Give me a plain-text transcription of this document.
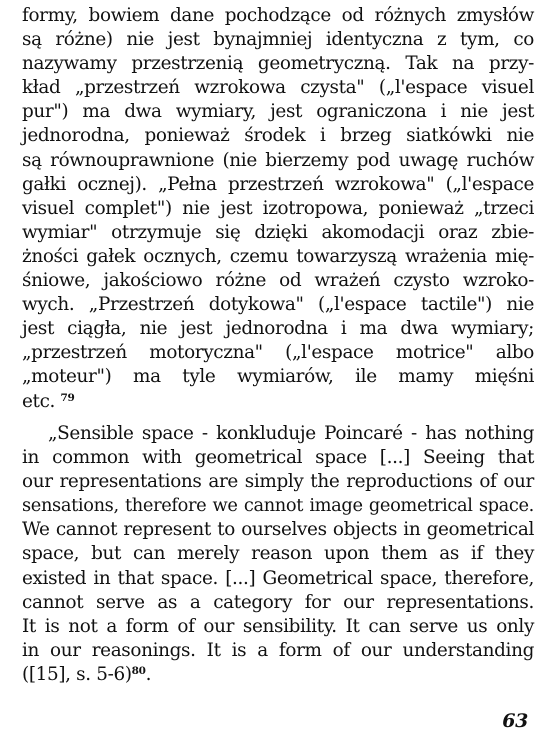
formy, bowiem dane pochodzące od różnych zmysłów
są różne) nie jest bynajmniej identyczna z tym, co
nazywamy przestrzenią geometryczną. Tak na przy-
kład „przestrzeń wzrokowa czysta" („l'espace visuel
pur") ma dwa wymiary, jest ograniczona i nie jest
jednorodna, ponieważ środek i brzeg siatkówki nie
są równouprawnione (nie bierzemy pod uwagę ruchów
gałki ocznej). „Pełna przestrzeń wzrokowa" („l'espace
visuel complet") nie jest izotropowa, ponieważ „trzeci
wymiar" otrzymuje się dzięki akomodacji oraz zbie-
żności gałek ocznych, czemu towarzyszą wrażenia mię-
śniowe, jakościowo różne od wrażeń czysto wzroko-
wych. „Przestrzeń dotykowa" („l'espace tactile") nie
jest ciągła, nie jest jednorodna i ma dwa wymiary;
„przestrzeń motoryczna" („l'espace motrice" albo
„moteur") ma tyle wymiarów, ile mamy mięśni
etc. $^{79}$
„Sensible space - konkluduje Poincaré - has nothing
in common with geometrical space [...] Seeing that
our representations are simply the reproductions of our
sensations, therefore we cannot image geometrical space.
We cannot represent to ourselves objects in geometrical
space, but can merely reason upon them as if they
existed in that space. [...] Geometrical space, therefore,
cannot serve as a category for our representations.
It is not a form of our sensibility. It can serve us only
in our reasonings. It is a form of our understanding
([15], s. 5-6)$^{80}$.
63
